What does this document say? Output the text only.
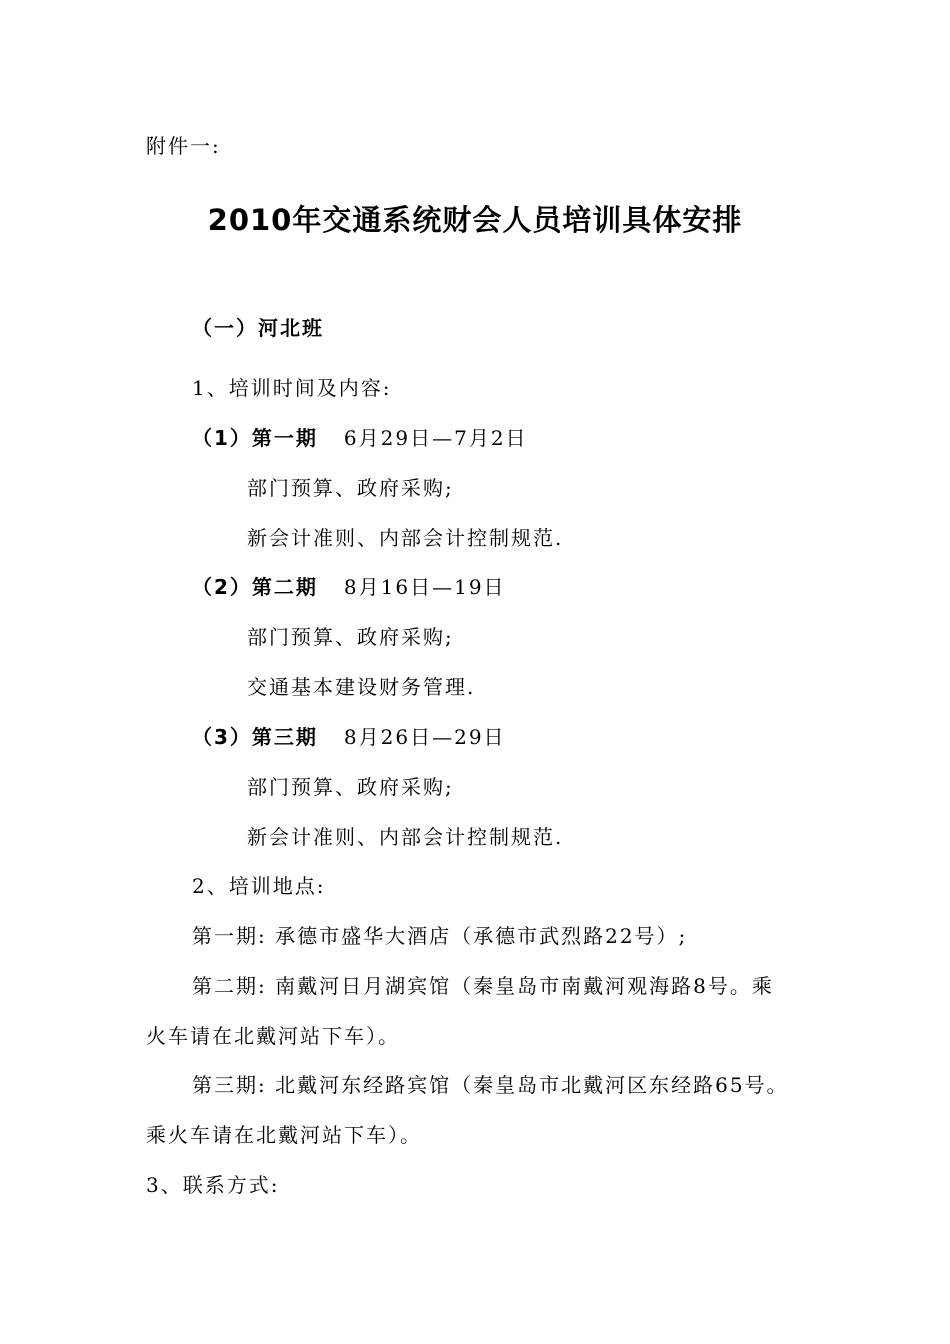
附件一:
2010年交通系统财会人员培训具体安排
（一）河北班
1、培训时间及内容:
（1）第一期 6月29日—7月2日
部门预算、政府采购;
新会计准则、内部会计控制规范.
（2）第二期 8月16日—19日
部门预算、政府采购;
交通基本建设财务管理.
（3）第三期 8月26日—29日
部门预算、政府采购;
新会计准则、内部会计控制规范.
2、培训地点:
第一期: 承德市盛华大酒店（承德市武烈路22号）;
第二期: 南戴河日月湖宾馆（秦皇岛市南戴河观海路8号。乘
火车请在北戴河站下车）。
第三期: 北戴河东经路宾馆（秦皇岛市北戴河区东经路65号。
乘火车请在北戴河站下车）。
3、联系方式:
